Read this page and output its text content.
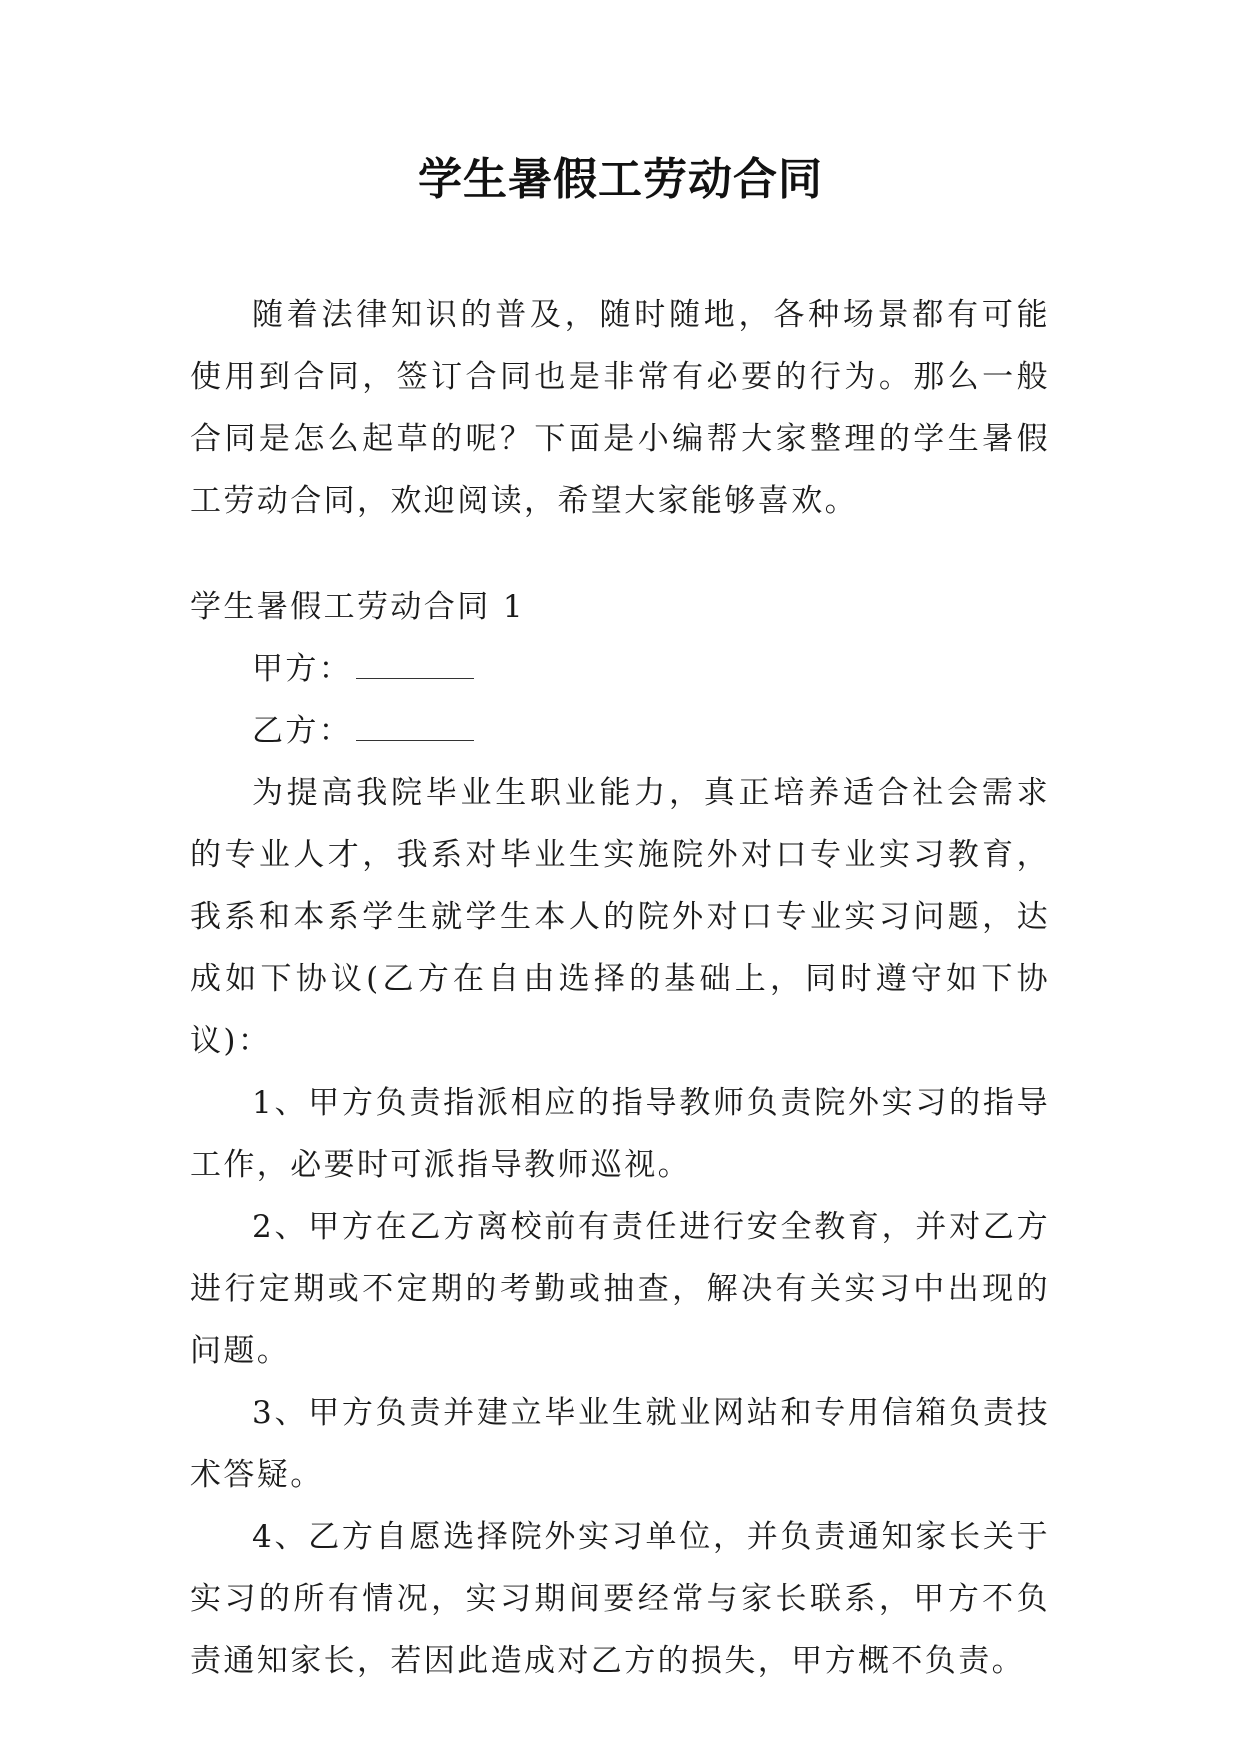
学生暑假工劳动合同

随着法律知识的普及，随时随地，各种场景都有可能使用到合同，签订合同也是非常有必要的行为。那么一般合同是怎么起草的呢？下面是小编帮大家整理的学生暑假工劳动合同，欢迎阅读，希望大家能够喜欢。

学生暑假工劳动合同 1

甲方：

乙方：

为提高我院毕业生职业能力，真正培养适合社会需求的专业人才，我系对毕业生实施院外对口专业实习教育，我系和本系学生就学生本人的院外对口专业实习问题，达成如下协议(乙方在自由选择的基础上，同时遵守如下协议)：

1、甲方负责指派相应的指导教师负责院外实习的指导工作，必要时可派指导教师巡视。

2、甲方在乙方离校前有责任进行安全教育，并对乙方进行定期或不定期的考勤或抽查，解决有关实习中出现的问题。

3、甲方负责并建立毕业生就业网站和专用信箱负责技术答疑。

4、乙方自愿选择院外实习单位，并负责通知家长关于实习的所有情况，实习期间要经常与家长联系，甲方不负责通知家长，若因此造成对乙方的损失，甲方概不负责。
